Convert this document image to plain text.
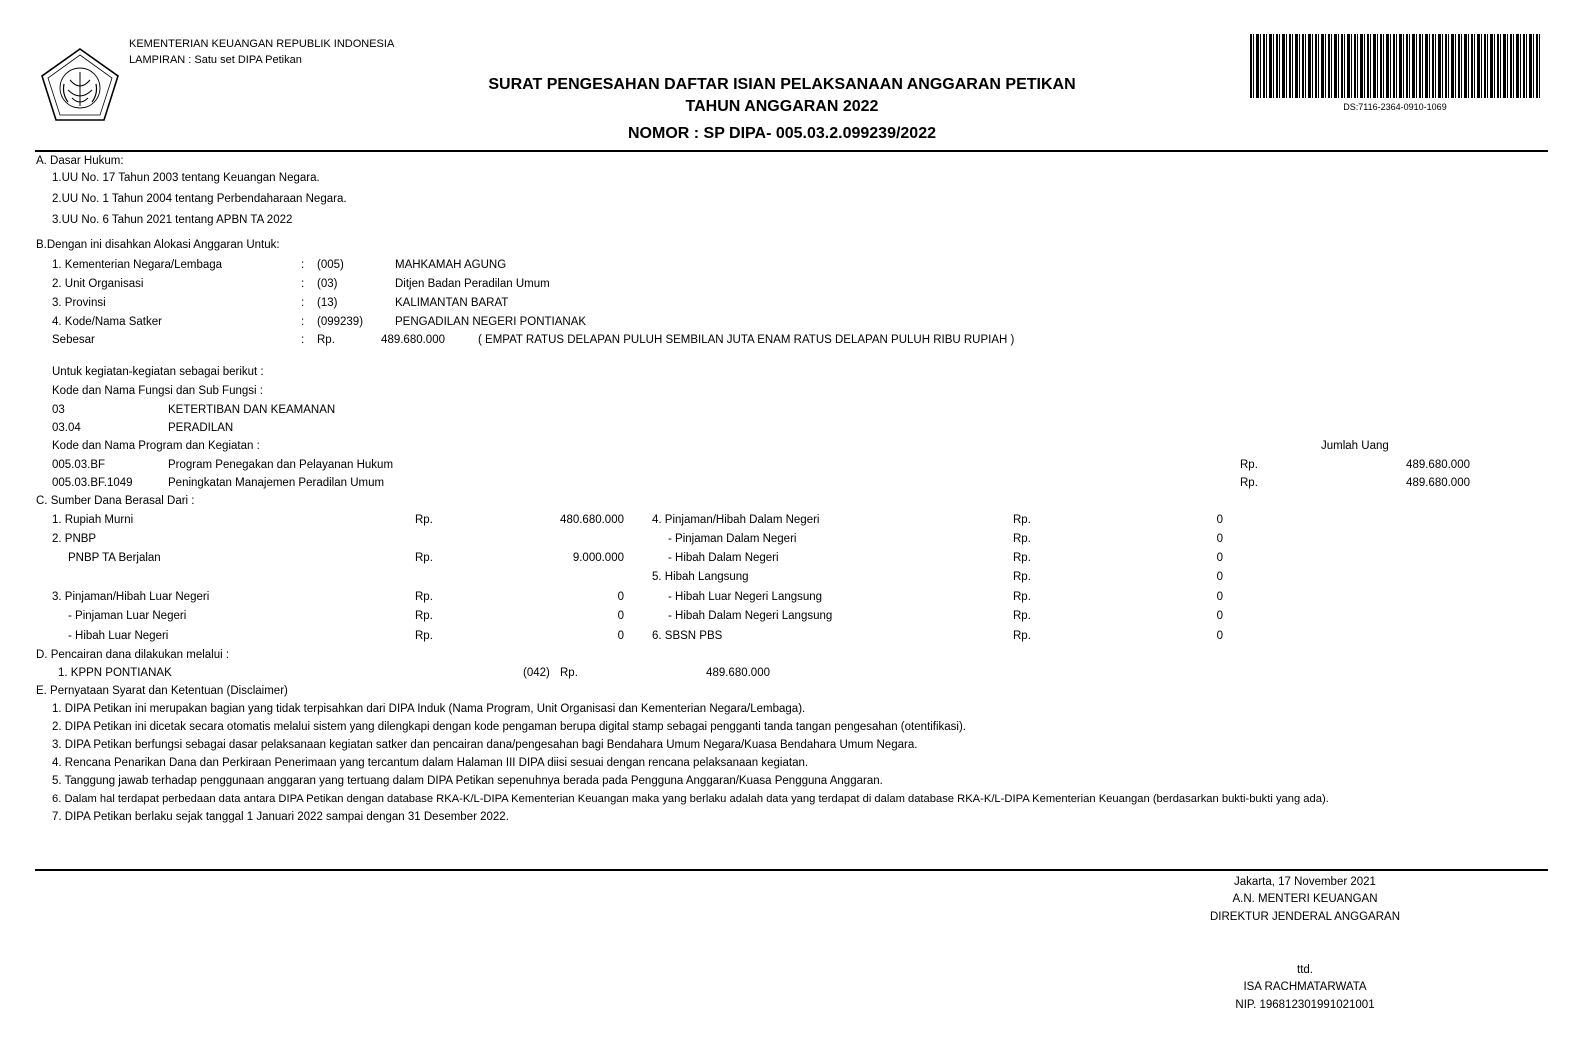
KEMENTERIAN KEUANGAN REPUBLIK INDONESIA
LAMPIRAN : Satu set DIPA Petikan
SURAT PENGESAHAN DAFTAR ISIAN PELAKSANAAN ANGGARAN PETIKAN
TAHUN ANGGARAN 2022
NOMOR : SP DIPA- 005.03.2.099239/2022
DS:7116-2364-0910-1069
A. Dasar Hukum:
1.UU No. 17 Tahun 2003 tentang Keuangan Negara.
2.UU No. 1 Tahun 2004 tentang Perbendaharaan Negara.
3.UU No. 6 Tahun 2021 tentang APBN TA 2022
B.Dengan ini disahkan Alokasi Anggaran Untuk:
1. Kementerian Negara/Lembaga	: (005)	MAHKAMAH AGUNG
2. Unit Organisasi	: (03)	Ditjen Badan Peradilan Umum
3. Provinsi	: (13)	KALIMANTAN BARAT
4. Kode/Nama Satker	: (099239)	PENGADILAN NEGERI PONTIANAK
Sebesar	: Rp.	489.680.000	( EMPAT RATUS DELAPAN PULUH SEMBILAN JUTA ENAM RATUS DELAPAN PULUH RIBU RUPIAH )
Untuk kegiatan-kegiatan sebagai berikut :
Kode dan Nama Fungsi dan Sub Fungsi :
03	KETERTIBAN DAN KEAMANAN
03.04	PERADILAN
Kode dan Nama Program dan Kegiatan :	Jumlah Uang
005.03.BF	Program Penegakan dan Pelayanan Hukum	Rp.	489.680.000
005.03.BF.1049	Peningkatan Manajemen Peradilan Umum	Rp.	489.680.000
C. Sumber Dana Berasal Dari :
1. Rupiah Murni	Rp.	480.680.000
2. PNBP
PNBP TA Berjalan	Rp.	9.000.000
3. Pinjaman/Hibah Luar Negeri	Rp.	0
- Pinjaman Luar Negeri	Rp.	0
- Hibah Luar Negeri	Rp.	0
4. Pinjaman/Hibah Dalam Negeri	Rp.	0
- Pinjaman Dalam Negeri	Rp.	0
- Hibah Dalam Negeri	Rp.	0
5. Hibah Langsung	Rp.	0
- Hibah Luar Negeri Langsung	Rp.	0
- Hibah Dalam Negeri Langsung	Rp.	0
6. SBSN PBS	Rp.	0
D. Pencairan dana dilakukan melalui :
1. KPPN PONTIANAK	(042) Rp.	489.680.000
E. Pernyataan Syarat dan Ketentuan (Disclaimer)
1. DIPA Petikan ini merupakan bagian yang tidak terpisahkan dari DIPA Induk (Nama Program, Unit Organisasi dan Kementerian Negara/Lembaga).
2. DIPA Petikan ini dicetak secara otomatis melalui sistem yang dilengkapi dengan kode pengaman berupa digital stamp sebagai pengganti tanda tangan pengesahan (otentifikasi).
3. DIPA Petikan berfungsi sebagai dasar pelaksanaan kegiatan satker dan pencairan dana/pengesahan bagi Bendahara Umum Negara/Kuasa Bendahara Umum Negara.
4. Rencana Penarikan Dana dan Perkiraan Penerimaan yang tercantum dalam Halaman III DIPA diisi sesuai dengan rencana pelaksanaan kegiatan.
5. Tanggung jawab terhadap penggunaan anggaran yang tertuang dalam DIPA Petikan sepenuhnya berada pada Pengguna Anggaran/Kuasa Pengguna Anggaran.
6. Dalam hal terdapat perbedaan data antara DIPA Petikan dengan database RKA-K/L-DIPA Kementerian Keuangan maka yang berlaku adalah data yang terdapat di dalam database RKA-K/L-DIPA Kementerian Keuangan (berdasarkan bukti-bukti yang ada).
7. DIPA Petikan berlaku sejak tanggal 1 Januari 2022 sampai dengan 31 Desember 2022.
Jakarta, 17 November 2021
A.N. MENTERI KEUANGAN
DIREKTUR JENDERAL ANGGARAN
ttd.
ISA RACHMATARWATA
NIP. 196812301991021001
